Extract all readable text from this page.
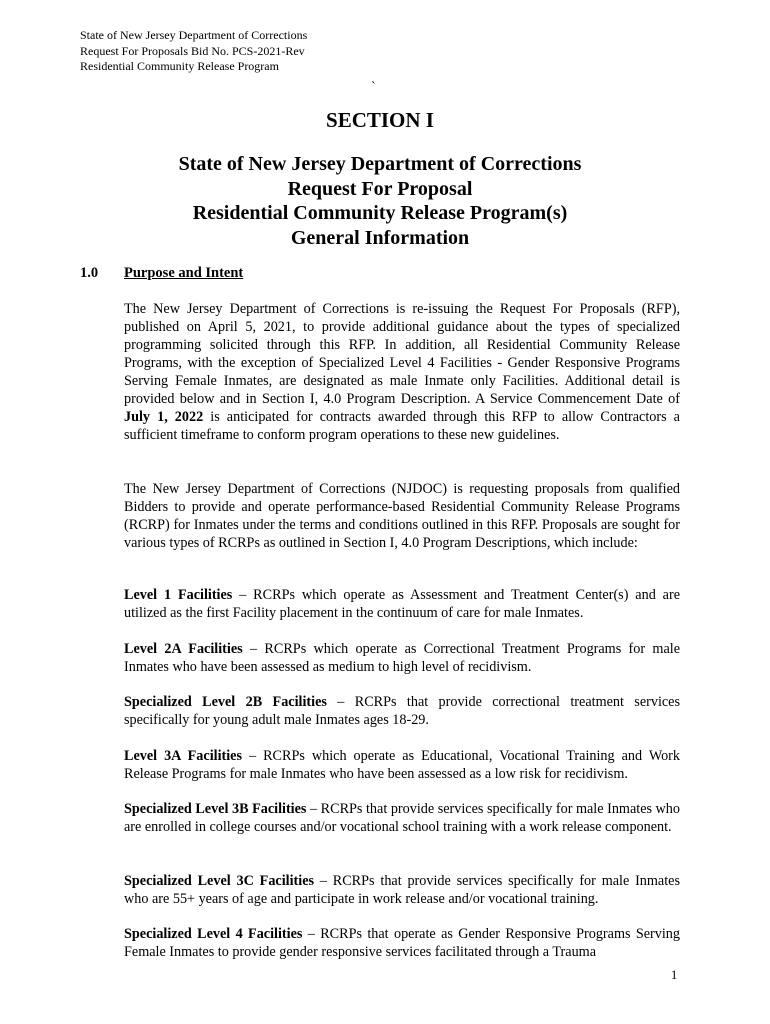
State of New Jersey Department of Corrections
Request For Proposals Bid No. PCS-2021-Rev
Residential Community Release Program
`
SECTION I
State of New Jersey Department of Corrections
Request For Proposal
Residential Community Release Program(s)
General Information
1.0 Purpose and Intent
The New Jersey Department of Corrections is re-issuing the Request For Proposals (RFP), published on April 5, 2021, to provide additional guidance about the types of specialized programming solicited through this RFP. In addition, all Residential Community Release Programs, with the exception of Specialized Level 4 Facilities - Gender Responsive Programs Serving Female Inmates, are designated as male Inmate only Facilities. Additional detail is provided below and in Section I, 4.0 Program Description. A Service Commencement Date of July 1, 2022 is anticipated for contracts awarded through this RFP to allow Contractors a sufficient timeframe to conform program operations to these new guidelines.
The New Jersey Department of Corrections (NJDOC) is requesting proposals from qualified Bidders to provide and operate performance-based Residential Community Release Programs (RCRP) for Inmates under the terms and conditions outlined in this RFP. Proposals are sought for various types of RCRPs as outlined in Section I, 4.0 Program Descriptions, which include:
Level 1 Facilities – RCRPs which operate as Assessment and Treatment Center(s) and are utilized as the first Facility placement in the continuum of care for male Inmates.
Level 2A Facilities – RCRPs which operate as Correctional Treatment Programs for male Inmates who have been assessed as medium to high level of recidivism.
Specialized Level 2B Facilities – RCRPs that provide correctional treatment services specifically for young adult male Inmates ages 18-29.
Level 3A Facilities – RCRPs which operate as Educational, Vocational Training and Work Release Programs for male Inmates who have been assessed as a low risk for recidivism.
Specialized Level 3B Facilities – RCRPs that provide services specifically for male Inmates who are enrolled in college courses and/or vocational school training with a work release component.
Specialized Level 3C Facilities – RCRPs that provide services specifically for male Inmates who are 55+ years of age and participate in work release and/or vocational training.
Specialized Level 4 Facilities – RCRPs that operate as Gender Responsive Programs Serving Female Inmates to provide gender responsive services facilitated through a Trauma
1
